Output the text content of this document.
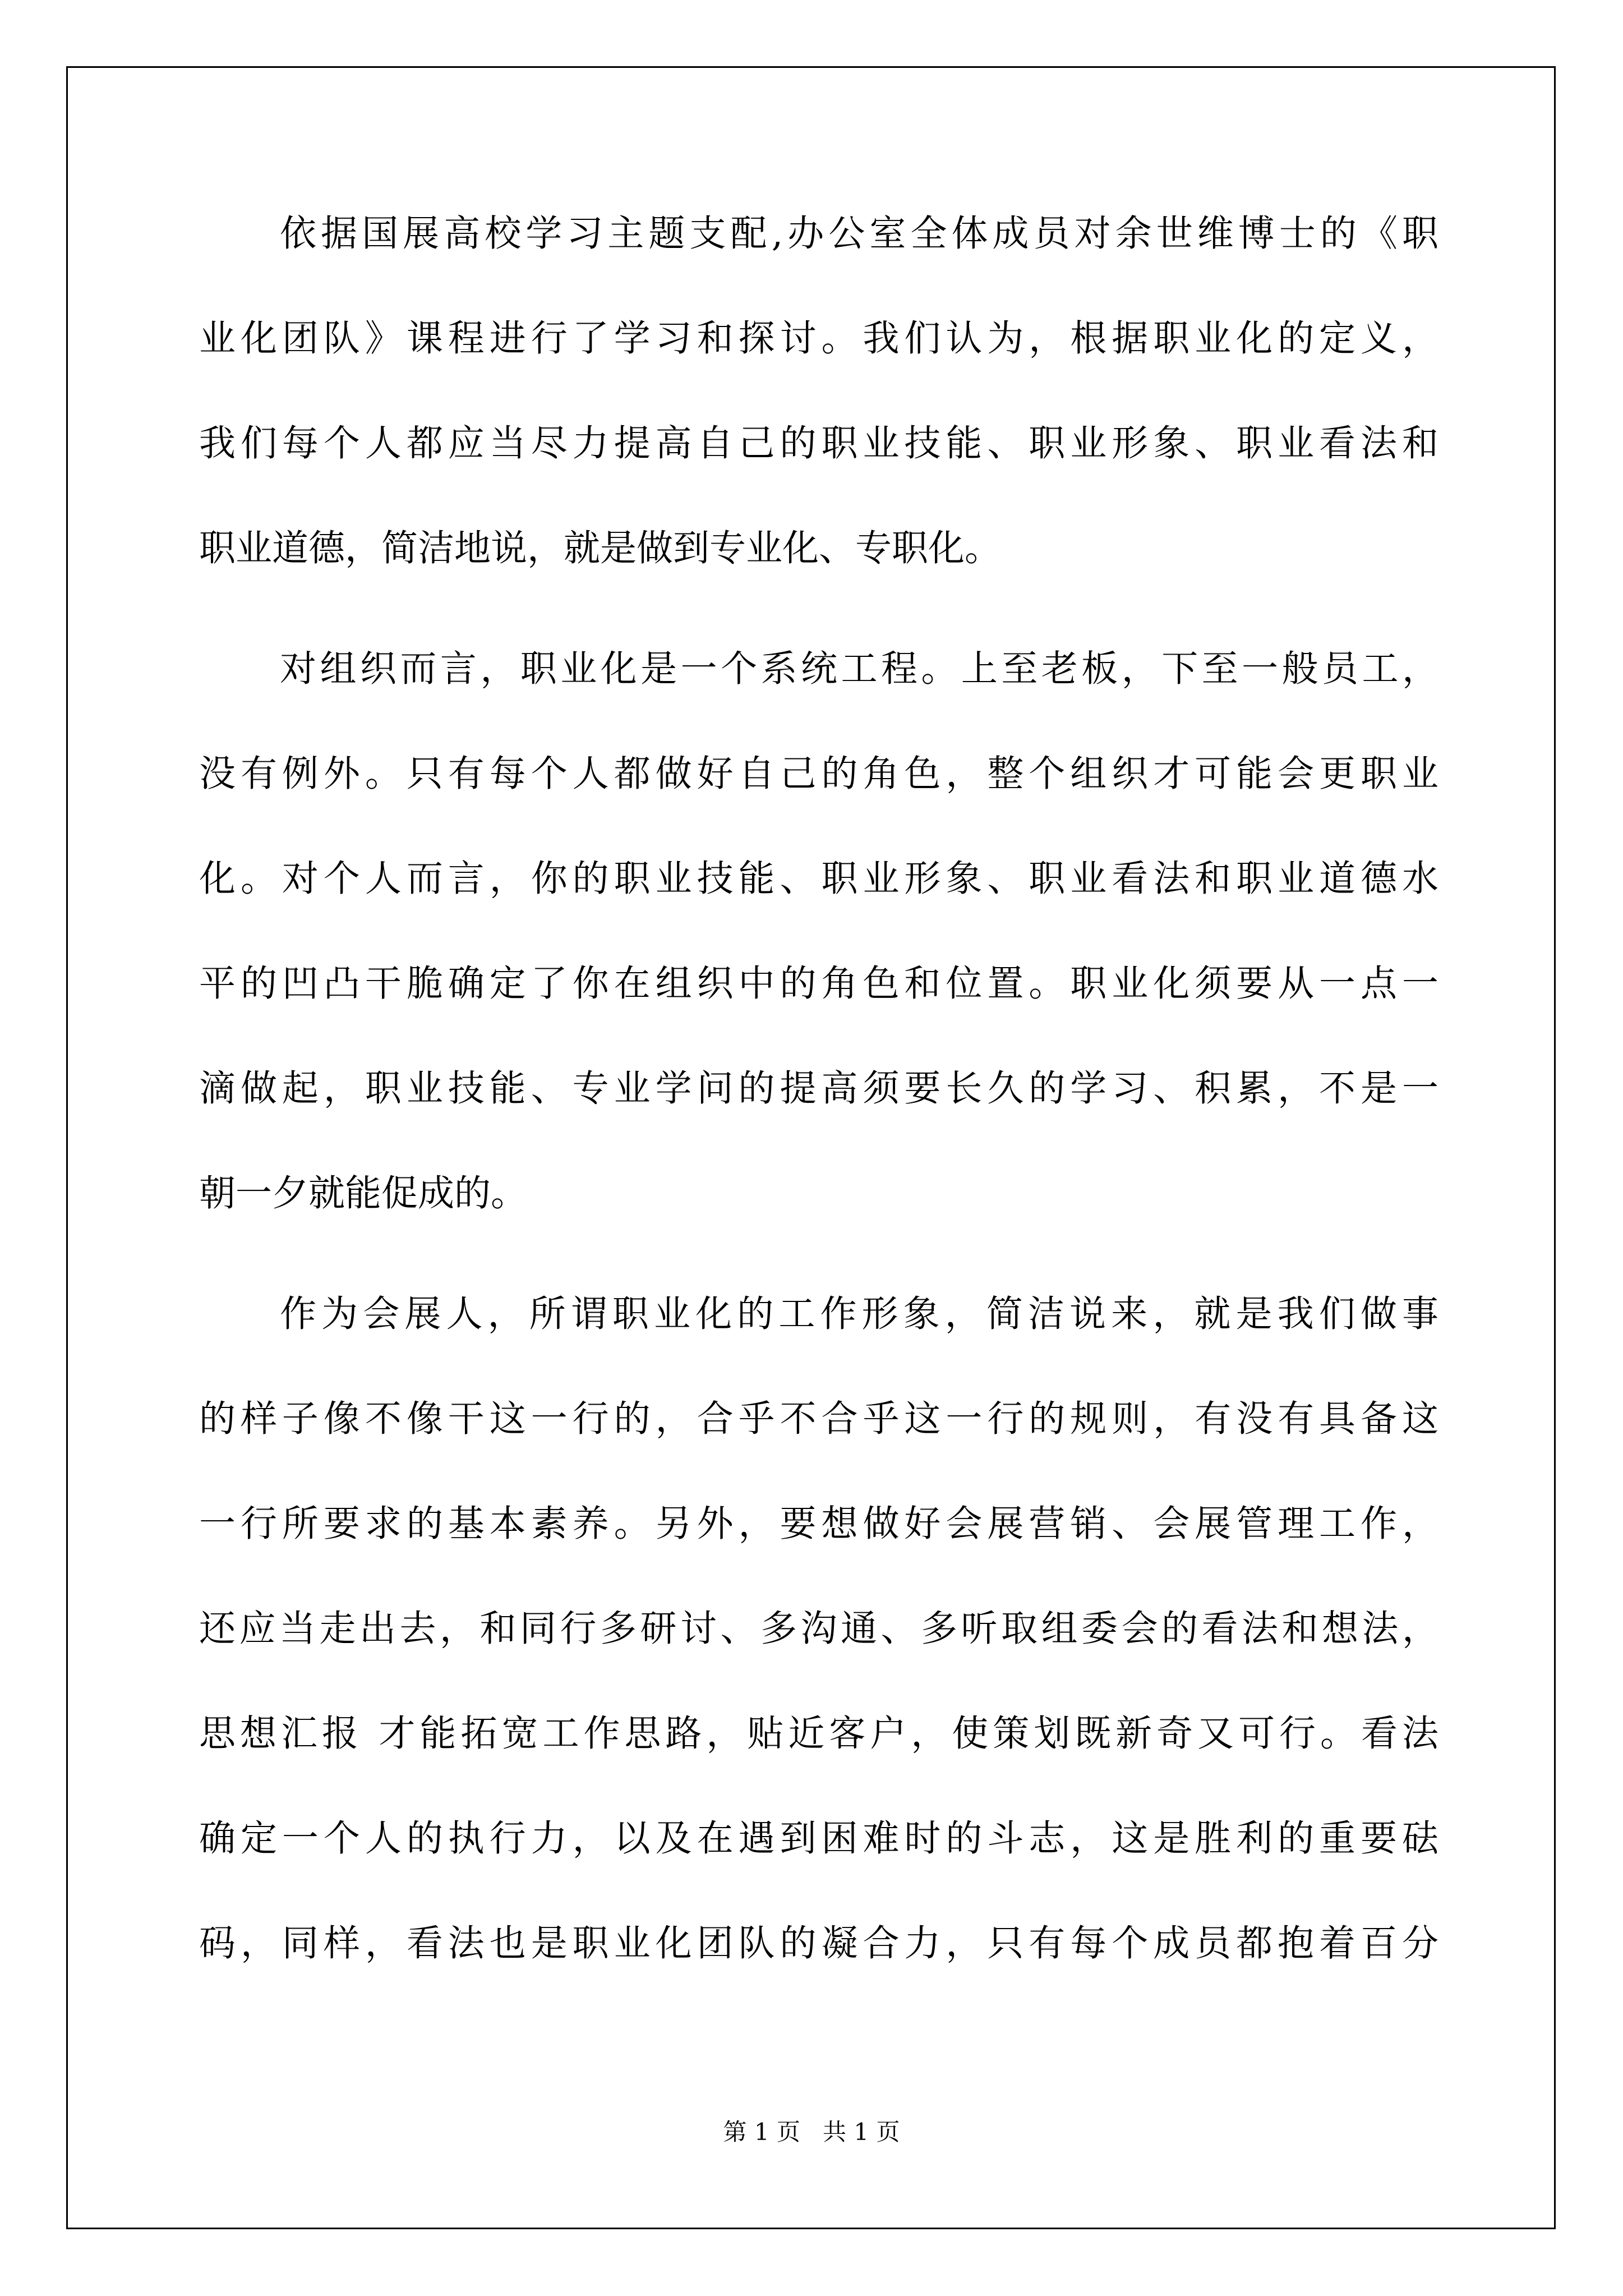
依据国展高校学习主题支配,办公室全体成员对余世维博士的《职
业化团队》课程进行了学习和探讨。我们认为，根据职业化的定义，
我们每个人都应当尽力提高自己的职业技能、职业形象、职业看法和
职业道德，简洁地说，就是做到专业化、专职化。
对组织而言，职业化是一个系统工程。上至老板，下至一般员工，
没有例外。只有每个人都做好自己的角色，整个组织才可能会更职业
化。对个人而言，你的职业技能、职业形象、职业看法和职业道德水
平的凹凸干脆确定了你在组织中的角色和位置。职业化须要从一点一
滴做起，职业技能、专业学问的提高须要长久的学习、积累，不是一
朝一夕就能促成的。
作为会展人，所谓职业化的工作形象，简洁说来，就是我们做事
的样子像不像干这一行的，合乎不合乎这一行的规则，有没有具备这
一行所要求的基本素养。另外，要想做好会展营销、会展管理工作，
还应当走出去，和同行多研讨、多沟通、多听取组委会的看法和想法，
思想汇报 才能拓宽工作思路，贴近客户，使策划既新奇又可行。看法
确定一个人的执行力，以及在遇到困难时的斗志，这是胜利的重要砝
码，同样，看法也是职业化团队的凝合力，只有每个成员都抱着百分
第 1 页   共 1 页
